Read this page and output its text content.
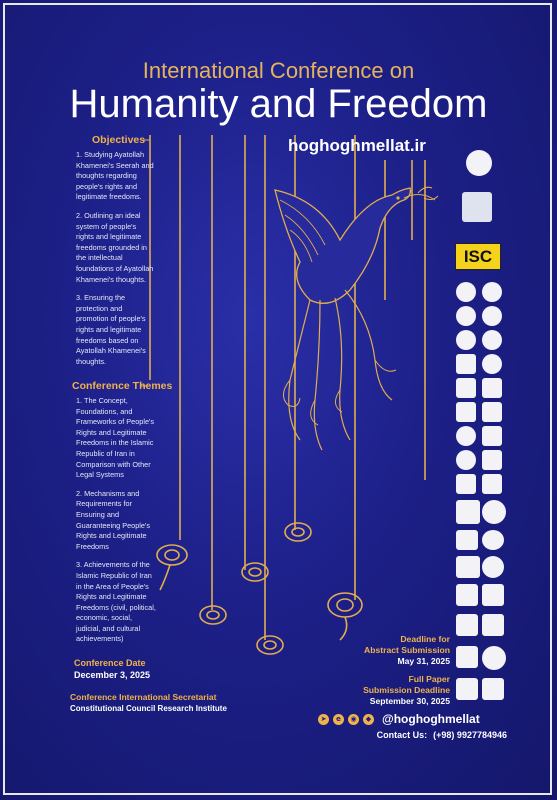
International Conference on
Humanity and Freedom
hoghoghmellat.ir
Objectives

1. Studying Ayatollah Khamenei's Seerah and thoughts regarding people's rights and legitimate freedoms.

2. Outlining an ideal system of people's rights and legitimate freedoms grounded in the intellectual foundations of Ayatollah Khamenei's thoughts.

3. Ensuring the protection and promotion of people's rights and legitimate freedoms based on Ayatollah Khamenei's thoughts.

Conference Themes

1. The Concept, Foundations, and Frameworks of People's Rights and Legitimate Freedoms in the Islamic Republic of Iran in Comparison with Other Legal Systems

2. Mechanisms and Requirements for Ensuring and Guaranteeing People's Rights and Legitimate Freedoms

3. Achievements of the Islamic Republic of Iran in the Area of People's Rights and Legitimate Freedoms (civil, political, economic, social, judicial, and cultural achievements)

Conference Date
December 3, 2025
Conference International Secretariat
Constitutional Council Research Institute
Deadline for
Abstract Submission
May 31, 2025
Full Paper
Submission Deadline
September 30, 2025
➤	e	◉	◆ @hoghoghmellat
Contact Us: (+98) 9927784946
ISC
